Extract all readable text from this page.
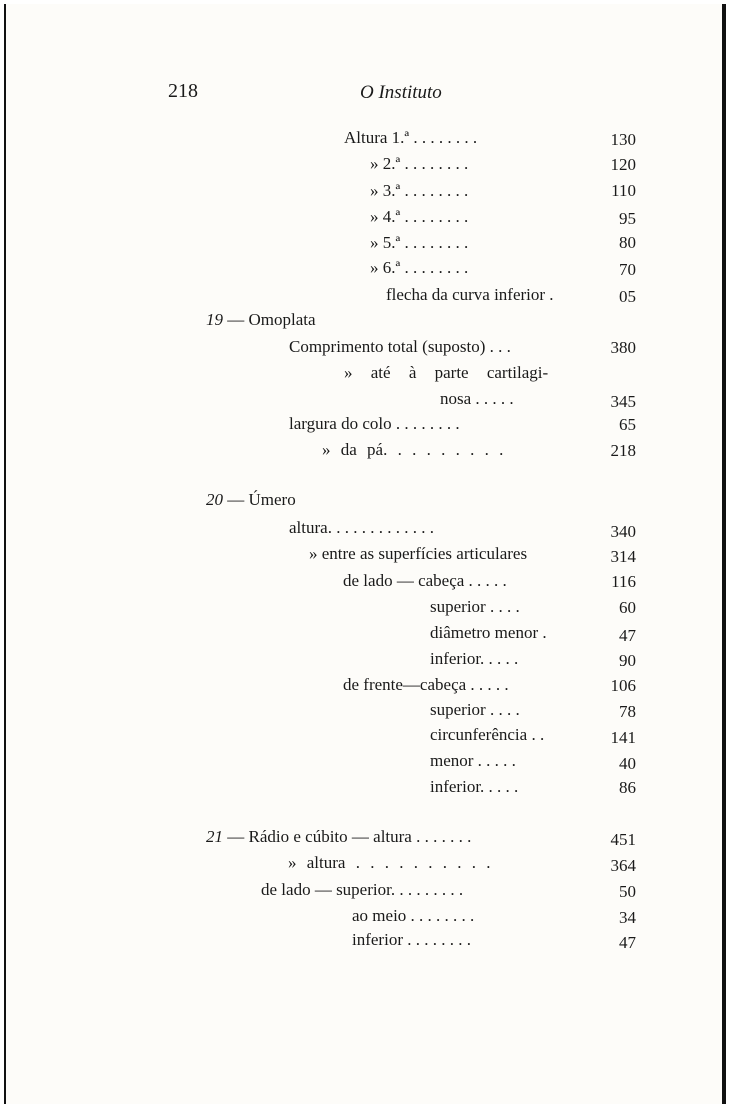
218	O Instituto
Altura 1.ª . . . . . . . .	130
» 2.ª . . . . . . . .	120
» 3.ª . . . . . . . .	110
» 4.ª . . . . . . . .	95
» 5.ª . . . . . . . .	80
» 6.ª . . . . . . . .	70
flecha da curva inferior .	05
19 — Omoplata
Comprimento total (suposto) . . .	380
» até à parte cartilagi-
nosa . . . . .	345
largura do colo . . . . . . . .	65
» da pá. . . . . . . . .	218
20 — Úmero
altura. . . . . . . . . . . . .	340
» entre as superfícies articulares	314
de lado — cabeça . . . . .	116
superior . . . .	60
diâmetro menor .	47
inferior. . . . .	90
de frente—cabeça . . . . .	106
superior . . . .	78
circunferência . .	141
menor . . . . .	40
inferior. . . . .	86
21 — Rádio e cúbito — altura . . . . . . .	451
» altura . . . . . . . . . .	364
de lado — superior. . . . . . . . .	50
ao meio . . . . . . . .	34
inferior . . . . . . . .	47
